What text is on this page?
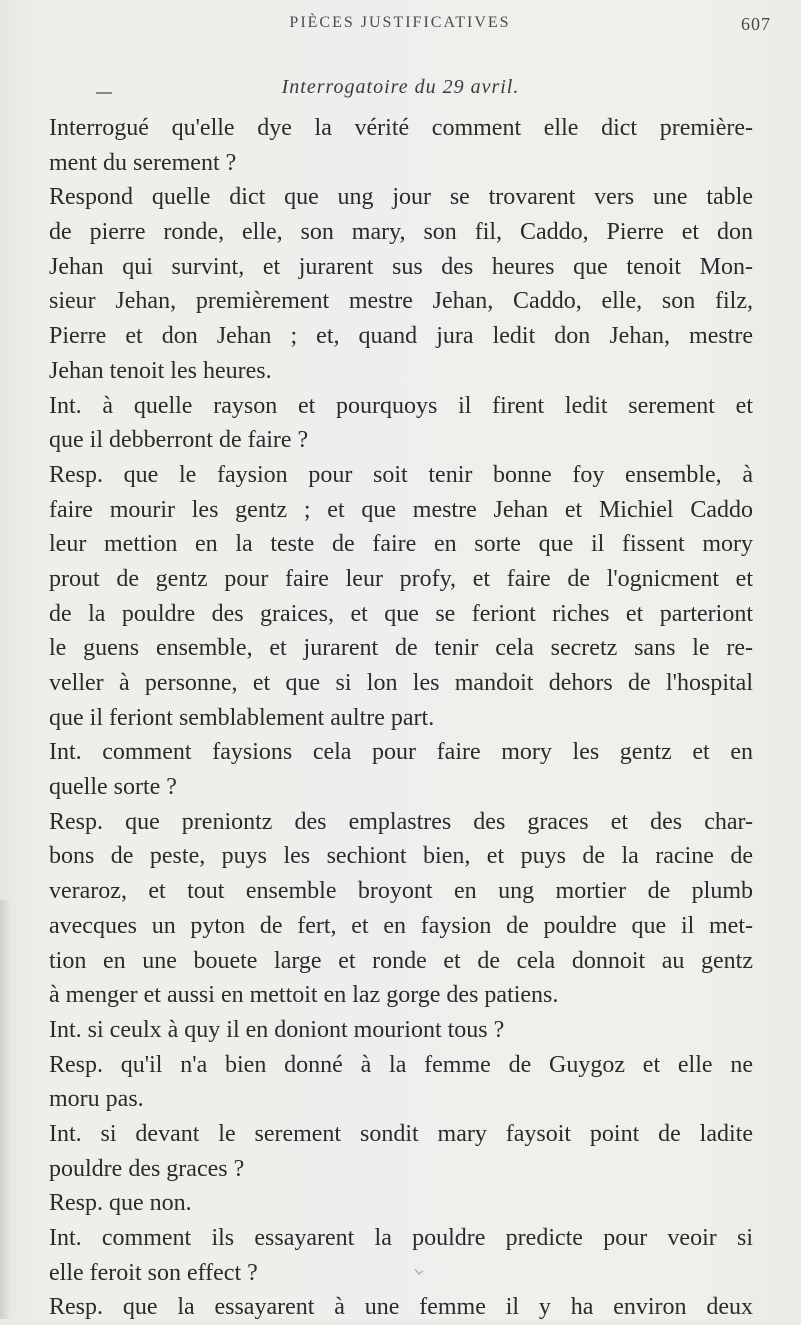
PIÈCES JUSTIFICATIVES	607
Interrogatoire du 29 avril.
Interrogué qu'elle dye la vérité comment elle dict première-
ment du serement ?
Respond quelle dict que ung jour se trovarent vers une table
de pierre ronde, elle, son mary, son fil, Caddo, Pierre et don
Jehan qui survint, et jurarent sus des heures que tenoit Mon-
sieur Jehan, premièrement mestre Jehan, Caddo, elle, son filz,
Pierre et don Jehan ; et, quand jura ledit don Jehan, mestre
Jehan tenoit les heures.
Int. à quelle rayson et pourquoys il firent ledit serement et
que il debberront de faire ?
Resp. que le faysion pour soit tenir bonne foy ensemble, à
faire mourir les gentz ; et que mestre Jehan et Michiel Caddo
leur mettion en la teste de faire en sorte que il fissent mory
prout de gentz pour faire leur profy, et faire de l'ognicment et
de la pouldre des graices, et que se feriont riches et parteriont
le guens ensemble, et jurarent de tenir cela secretz sans le re-
veller à personne, et que si lon les mandoit dehors de l'hospital
que il feriont semblablement aultre part.
Int. comment faysions cela pour faire mory les gentz et en
quelle sorte ?
Resp. que preniontz des emplastres des graces et des char-
bons de peste, puys les sechiont bien, et puys de la racine de
veraroz, et tout ensemble broyont en ung mortier de plumb
avecques un pyton de fert, et en faysion de pouldre que il met-
tion en une bouete large et ronde et de cela donnoit au gentz
à menger et aussi en mettoit en laz gorge des patiens.
Int. si ceulx à quy il en doniont mouriont tous ?
Resp. qu'il n'a bien donné à la femme de Guygoz et elle ne
moru pas.
Int. si devant le serement sondit mary faysoit point de ladite
pouldre des graces ?
Resp. que non.
Int. comment ils essayarent la pouldre predicte pour veoir si
elle feroit son effect ?
Resp. que la essayarent à une femme il y ha environ deux
